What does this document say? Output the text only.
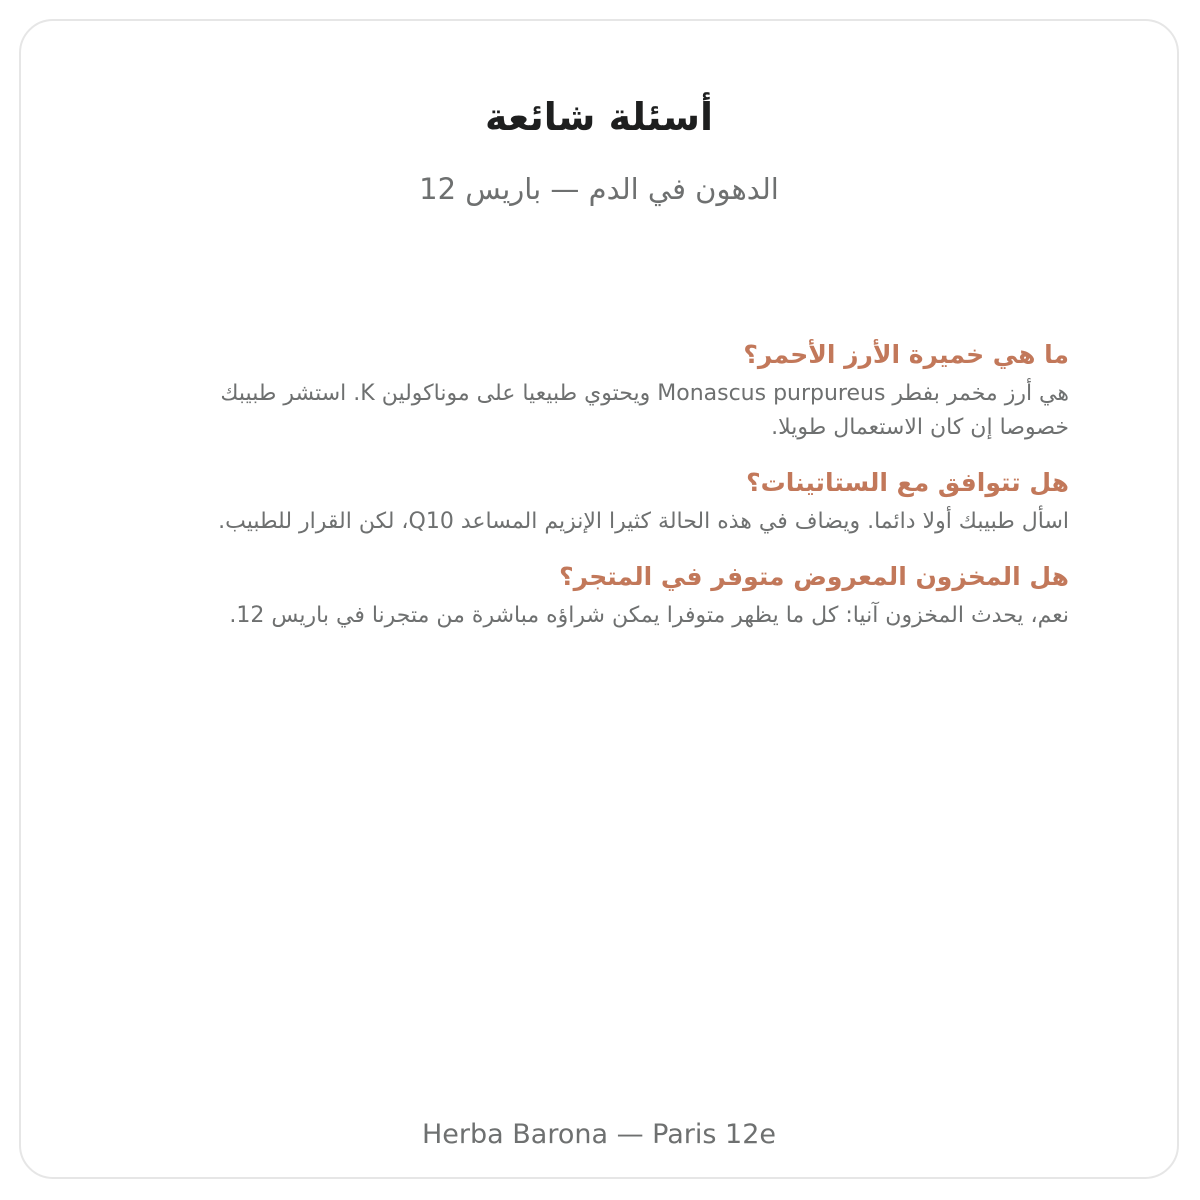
أسئلة شائعة
الدهون في الدم — باريس 12
ما هي خميرة الأرز الأحمر؟

هي أرز مخمر بفطر Monascus purpureus ويحتوي طبيعيا على موناكولين K. استشر طبيبك خصوصا إن كان الاستعمال طويلا.

هل تتوافق مع الستاتينات؟

اسأل طبيبك أولا دائما. ويضاف في هذه الحالة كثيرا الإنزيم المساعد Q10، لكن القرار للطبيب.

هل المخزون المعروض متوفر في المتجر؟

نعم، يحدث المخزون آنيا: كل ما يظهر متوفرا يمكن شراؤه مباشرة من متجرنا في باريس 12.

Herba Barona — Paris 12e
